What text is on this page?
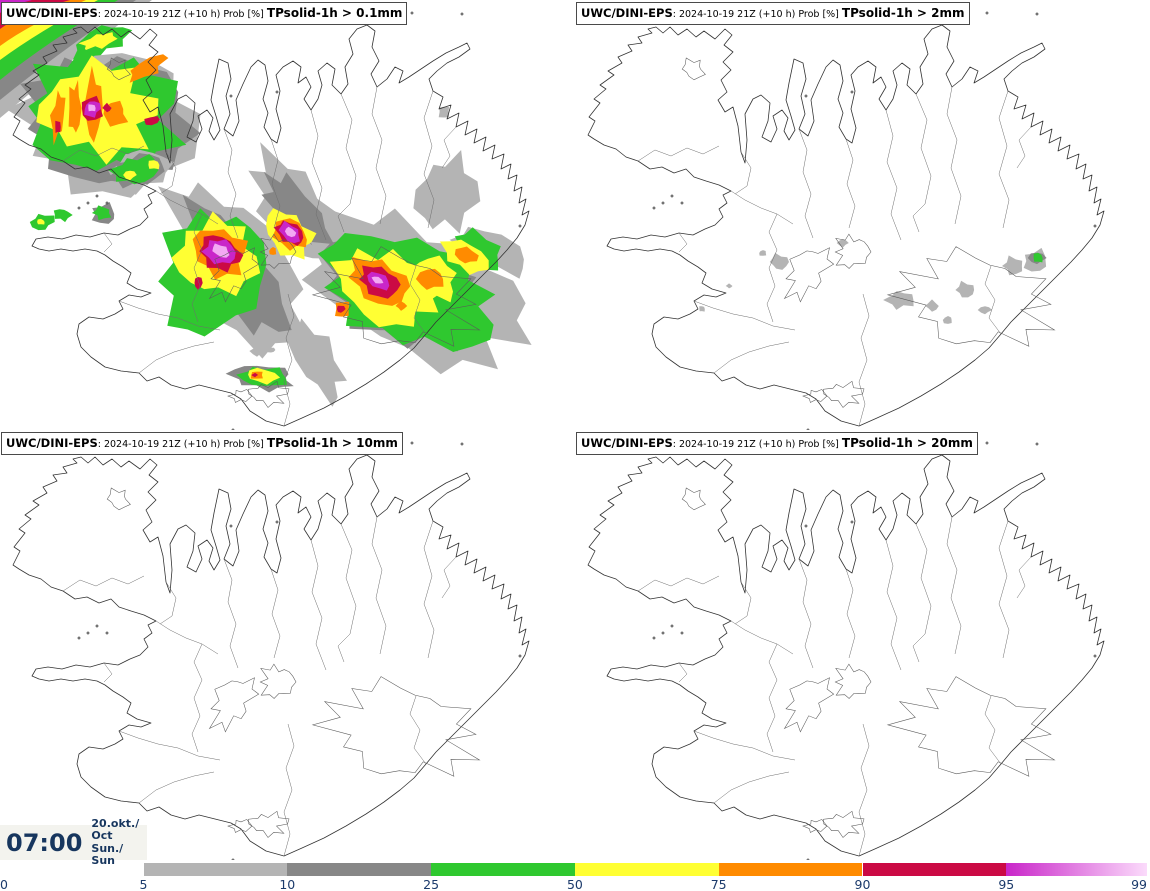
UWC/DINI-EPS: 2024-10-19 21Z (+10 h) Prob [%] TPsolid-1h > 0.1mm	UWC/DINI-EPS: 2024-10-19 21Z (+10 h) Prob [%] TPsolid-1h > 2mm
UWC/DINI-EPS: 2024-10-19 21Z (+10 h) Prob [%] TPsolid-1h > 10mm	UWC/DINI-EPS: 2024-10-19 21Z (+10 h) Prob [%] TPsolid-1h > 20mm
07:00
20.okt./ Oct
Sun./ Sun
0	5	10	25	50	75	90	95	99
